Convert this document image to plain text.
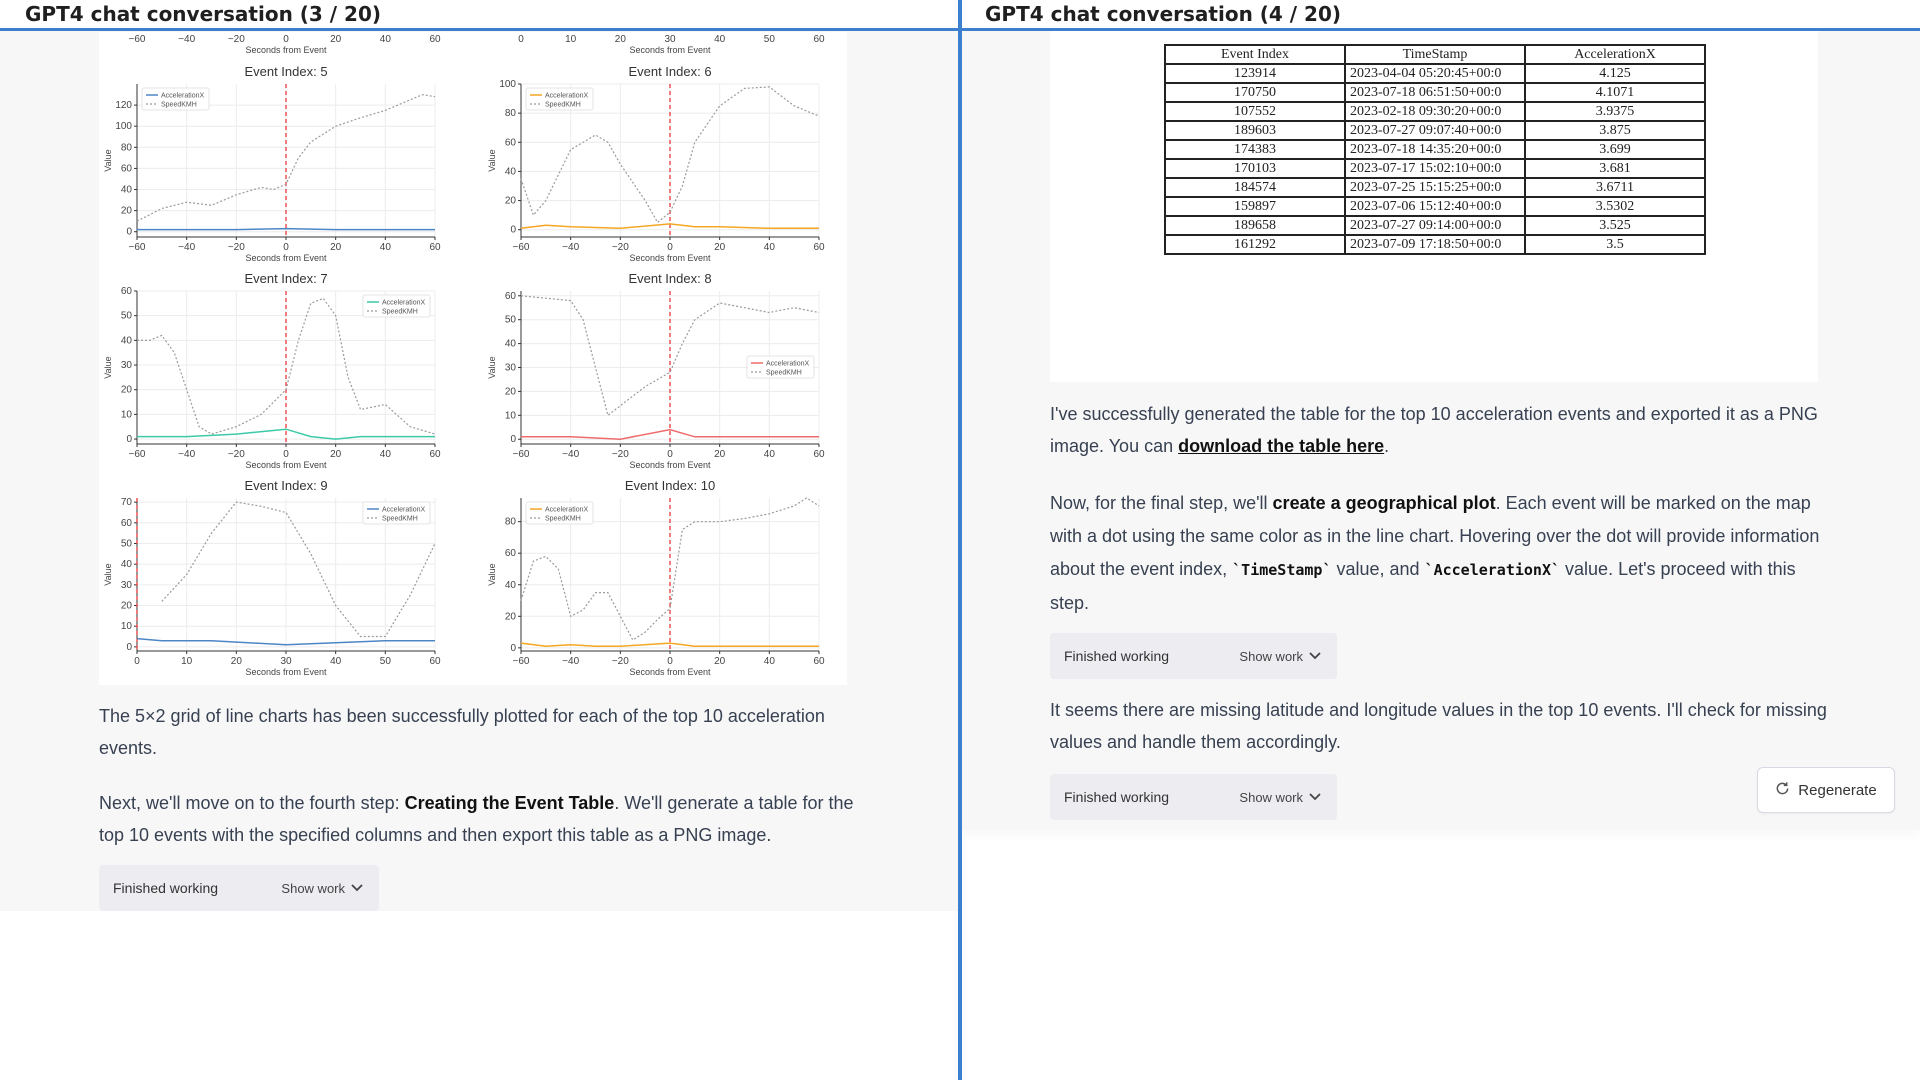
−60	−40	−20	0	20	40	60
Seconds from Event
0	10	20	30	40	50	60
Seconds from Event
Event Index: 5
−60	−40	−20	0	20	40	60
0
20
40
60
80
100
120
Seconds from Event
Value
AccelerationX
SpeedKMH
Event Index: 6
−60	−40	−20	0	20	40	60
0
20
40
60
80
100
Seconds from Event
Value
AccelerationX
SpeedKMH
Event Index: 7
−60	−40	−20	0	20	40	60
0
10
20
30
40
50
60
Seconds from Event
Value
AccelerationX
SpeedKMH
Event Index: 8
−60	−40	−20	0	20	40	60
0
10
20
30
40
50
60
Seconds from Event
Value	AccelerationX
SpeedKMH
Event Index: 9
0	10	20	30	40	50	60
0
10
20
30
40
50
60
70
Seconds from Event
Value
AccelerationX
SpeedKMH
Event Index: 10
−60	−40	−20	0	20	40	60
0
20
40
60
80
Seconds from Event
Value
AccelerationX
SpeedKMH
The 5×2 grid of line charts has been successfully plotted for each of the top 10 acceleration events.
Next, we'll move on to the fourth step: Creating the Event Table. We'll generate a table for the top 10 events with the specified columns and then export this table as a PNG image.
Finished working	Show work
GPT4 chat conversation (3 / 20)
Event Index	TimeStamp	AccelerationX
123914	2023-04-04 05:20:45+00:0	4.125
170750	2023-07-18 06:51:50+00:0	4.1071
107552	2023-02-18 09:30:20+00:0	3.9375
189603	2023-07-27 09:07:40+00:0	3.875
174383	2023-07-18 14:35:20+00:0	3.699
170103	2023-07-17 15:02:10+00:0	3.681
184574	2023-07-25 15:15:25+00:0	3.6711
159897	2023-07-06 15:12:40+00:0	3.5302
189658	2023-07-27 09:14:00+00:0	3.525
161292	2023-07-09 17:18:50+00:0	3.5
I've successfully generated the table for the top 10 acceleration events and exported it as a PNG image. You can download the table here.
Now, for the final step, we'll create a geographical plot. Each event will be marked on the map with a dot using the same color as in the line chart. Hovering over the dot will provide information about the event index, `TimeStamp` value, and `AccelerationX` value. Let's proceed with this step.
Finished working	Show work
It seems there are missing latitude and longitude values in the top 10 events. I'll check for missing values and handle them accordingly.
Finished working	Show work	Regenerate
GPT4 chat conversation (4 / 20)
